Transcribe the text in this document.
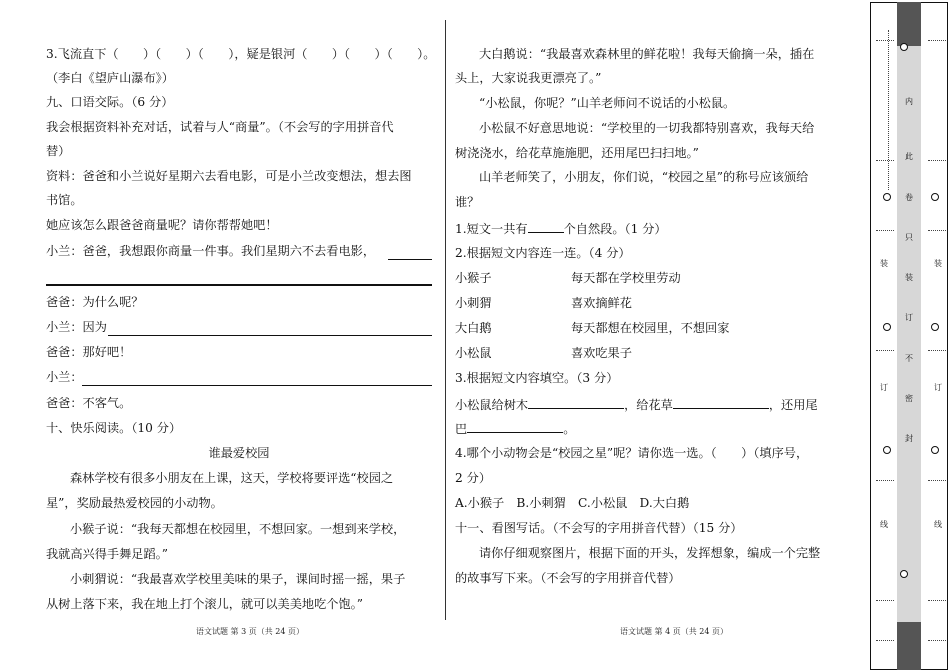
3.飞流直下（　　）（　　）（　　），疑是银河（　　）（　　）（　　）。
（李白《望庐山瀑布》）
九、口语交际。（6 分）
我会根据资料补充对话，试着与人“商量”。（不会写的字用拼音代
替）
资料：爸爸和小兰说好星期六去看电影，可是小兰改变想法，想去图
书馆。
她应该怎么跟爸爸商量呢？请你帮帮她吧！
小兰：爸爸，我想跟你商量一件事。我们星期六不去看电影，
爸爸：为什么呢？
小兰：因为
爸爸：那好吧！
小兰：
爸爸：不客气。
十、快乐阅读。（10 分）
谁最爱校园
森林学校有很多小朋友在上课，这天，学校将要评选“校园之
星”，奖励最热爱校园的小动物。
小猴子说：“我每天都想在校园里，不想回家。一想到来学校，
我就高兴得手舞足蹈。”
小刺猬说：“我最喜欢学校里美味的果子，课间时摇一摇，果子
从树上落下来，我在地上打个滚儿，就可以美美地吃个饱。”
语文试题 第 3 页（共 24 页）
大白鹅说：“我最喜欢森林里的鲜花啦！我每天偷摘一朵，插在
头上，大家说我更漂亮了。”
“小松鼠，你呢？”山羊老师问不说话的小松鼠。
小松鼠不好意思地说：“学校里的一切我都特别喜欢，我每天给
树浇浇水，给花草施施肥，还用尾巴扫扫地。”
山羊老师笑了，小朋友，你们说，“校园之星”的称号应该颁给
谁？
1.短文一共有	个自然段。（1 分）
2.根据短文内容连一连。（4 分）
小猴子	每天都在学校里劳动
小刺猬	喜欢摘鲜花
大白鹅	每天都想在校园里，不想回家
小松鼠	喜欢吃果子
3.根据短文内容填空。（3 分）
小松鼠给树木	，给花草	，还用尾
巴	。
4.哪个小动物会是“校园之星”呢？请你选一选。（　　）（填序号，
2 分）
A.小猴子　B.小刺猬　C.小松鼠　D.大白鹅
十一、看图写话。（不会写的字用拼音代替）（15 分）
请你仔细观察图片，根据下面的开头，发挥想象，编成一个完整
的故事写下来。（不会写的字用拼音代替）
语文试题 第 4 页（共 24 页）
内
此
卷
只
装
订
不
密
封
装
订
线
装
订
线
